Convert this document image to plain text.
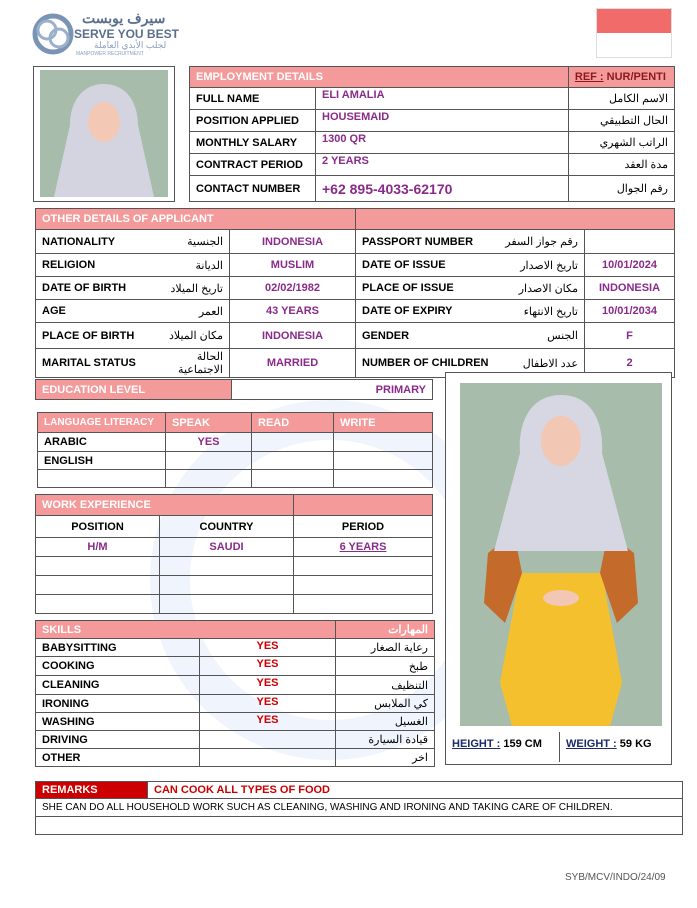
سيرف يوبست
SERVE YOU BEST
لجلب الأيدي العاملة
MANPOWER RECRUITMENT
EMPLOYMENT DETAILS		REF : NUR/PENTI
FULL NAME	ELI AMALIA	الاسم الكامل
POSITION APPLIED	HOUSEMAID	الحال التطبيقي
MONTHLY SALARY	1300 QR	الراتب الشهري
CONTRACT PERIOD	2 YEARS	مدة العقد
CONTACT NUMBER	+62 895-4033-62170	رقم الجوال
OTHER DETAILS OF APPLICANT					
NATIONALITY	الجنسية	INDONESIA	PASSPORT NUMBER	رقم جواز السفر	
RELIGION	الديانة	MUSLIM	DATE OF ISSUE	تاريخ الاصدار	10/01/2024
DATE OF BIRTH	تاريخ الميلاد	02/02/1982	PLACE OF ISSUE	مكان الاصدار	INDONESIA
AGE	العمر	43 YEARS	DATE OF EXPIRY	تاريخ الانتهاء	10/01/2034
PLACE OF BIRTH	مكان الميلاد	INDONESIA	GENDER	الجنس	F
MARITAL STATUS	الحالة الاجتماعية	MARRIED	NUMBER OF CHILDREN	عدد الاطفال	2
EDUCATION LEVEL	PRIMARY
LANGUAGE LITERACY	SPEAK	READ	WRITE
ARABIC	YES		
ENGLISH			

WORK EXPERIENCE		
POSITION	COUNTRY	PERIOD
H/M	SAUDI	6 YEARS

SKILLS		المهارات
BABYSITTING	YES	رعاية الصغار
COOKING	YES	طبخ
CLEANING	YES	التنظيف
IRONING	YES	كي الملابس
WASHING	YES	الغسيل
DRIVING		قيادة السيارة
OTHER		اخر
HEIGHT : 159 CM WEIGHT : 59 KG
REMARKS	CAN COOK ALL TYPES OF FOOD
SHE CAN DO ALL HOUSEHOLD WORK SUCH AS CLEANING, WASHING AND IRONING AND TAKING CARE OF CHILDREN.

SYB/MCV/INDO/24/09
